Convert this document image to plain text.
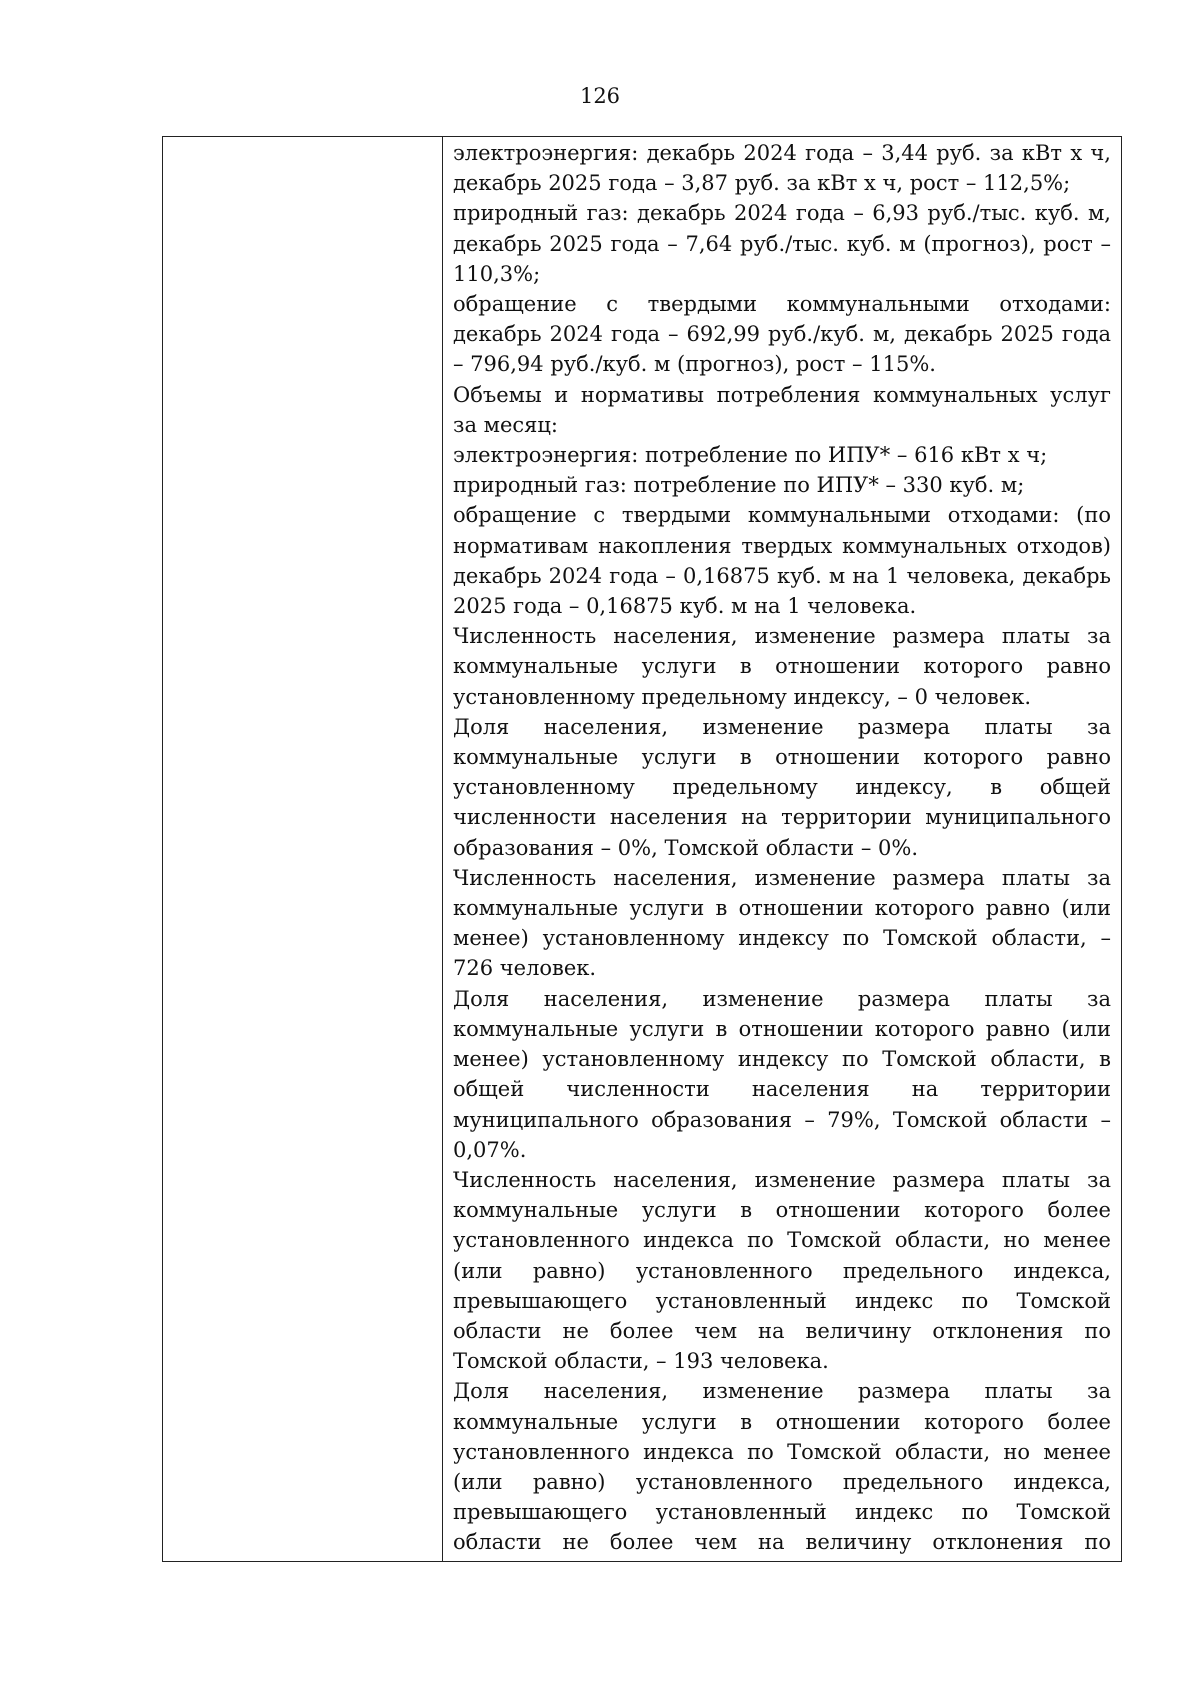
126

электроэнергия: декабрь 2024 года – 3,44 руб. за кВт х ч, декабрь 2025 года – 3,87 руб. за кВт х ч, рост – 112,5%;

природный газ: декабрь 2024 года – 6,93 руб./тыс. куб. м, декабрь 2025 года – 7,64 руб./тыс. куб. м (прогноз), рост – 110,3%;

обращение с твердыми коммунальными отходами: декабрь 2024 года – 692,99 руб./куб. м, декабрь 2025 года – 796,94 руб./куб. м (прогноз), рост – 115%.

Объемы и нормативы потребления коммунальных услуг за месяц:

электроэнергия: потребление по ИПУ* – 616 кВт х ч;

природный газ: потребление по ИПУ* – 330 куб. м;

обращение с твердыми коммунальными отходами: (по нормативам накопления твердых коммунальных отходов) декабрь 2024 года – 0,16875 куб. м на 1 человека, декабрь 2025 года – 0,16875 куб. м на 1 человека.

Численность населения, изменение размера платы за коммунальные услуги в отношении которого равно установленному предельному индексу, – 0 человек.

Доля населения, изменение размера платы за коммунальные услуги в отношении которого равно установленному предельному индексу, в общей численности населения на территории муниципального образования – 0%, Томской области – 0%.

Численность населения, изменение размера платы за коммунальные услуги в отношении которого равно (или менее) установленному индексу по Томской области, – 726 человек.

Доля населения, изменение размера платы за коммунальные услуги в отношении которого равно (или менее) установленному индексу по Томской области, в общей численности населения на территории муниципального образования – 79%, Томской области – 0,07%.

Численность населения, изменение размера платы за коммунальные услуги в отношении которого более установленного индекса по Томской области, но менее (или равно) установленного предельного индекса, превышающего установленный индекс по Томской области не более чем на величину отклонения по Томской области, – 193 человека.

Доля населения, изменение размера платы за коммунальные услуги в отношении которого более установленного индекса по Томской области, но менее (или равно) установленного предельного индекса, превышающего установленный индекс по Томской области не более чем на величину отклонения по
